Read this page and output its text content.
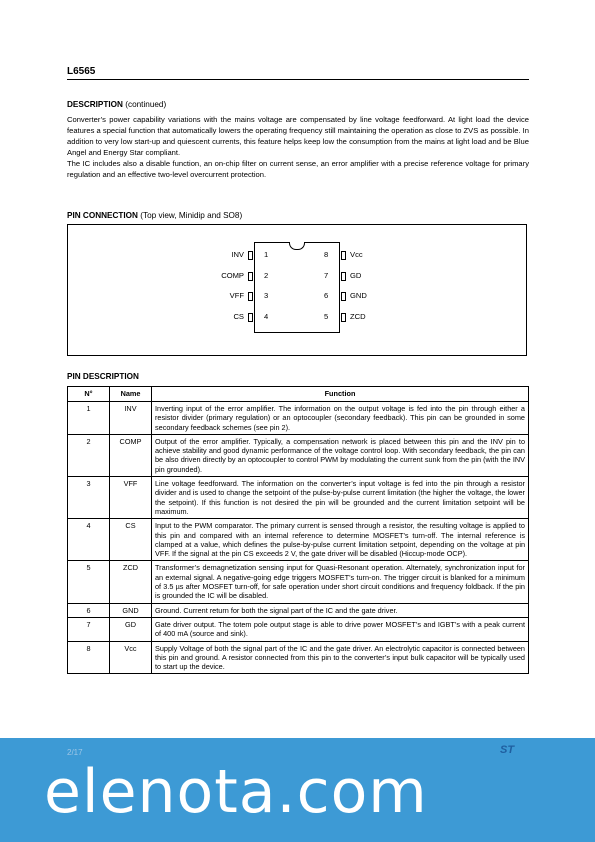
L6565
DESCRIPTION (continued)

Converter’s power capability variations with the mains voltage are compensated by line voltage feedforward. At light load the device features a special function that automatically lowers the operating frequency still maintaining the operation as close to ZVS as possible. In addition to very low start-up and quiescent currents, this feature helps keep low the consumption from the mains at light load and be Blue Angel and Energy Star compliant.

The IC includes also a disable function, an on-chip filter on current sense, an error amplifier with a precise reference voltage for primary regulation and an effective two-level overcurrent protection.

PIN CONNECTION (Top view, Minidip and SO8)
INV	1
COMP	2
VFF	3
CS	4
8	Vcc
7	GD
6	GND
5	ZCD
PIN DESCRIPTION
N°	Name	Function
1	INV	Inverting input of the error amplifier. The information on the output voltage is fed into the pin through either a resistor divider (primary regulation) or an optocoupler (secondary feedback). This pin can be grounded in some secondary feedback schemes (see pin 2).
2	COMP	Output of the error amplifier. Typically, a compensation network is placed between this pin and the INV pin to achieve stability and good dynamic performance of the voltage control loop. With secondary feedback, the pin can be also driven directly by an optocoupler to control PWM by modulating the current sunk from the pin (with the INV pin grounded).
3	VFF	Line voltage feedforward. The information on the converter’s input voltage is fed into the pin through a resistor divider and is used to change the setpoint of the pulse-by-pulse current limitation (the higher the voltage, the lower the setpoint). If this function is not desired the pin will be grounded and the current limitation setpoint will be maximum.
4	CS	Input to the PWM comparator. The primary current is sensed through a resistor, the resulting voltage is applied to this pin and compared with an internal reference to determine MOSFET’s turn-off. The internal reference is clamped at a value, which defines the pulse-by-pulse current limitation setpoint, depending on the voltage at pin VFF. If the signal at the pin CS exceeds 2 V, the gate driver will be disabled (Hiccup-mode OCP).
5	ZCD	Transformer’s demagnetization sensing input for Quasi-Resonant operation. Alternately, synchronization input for an external signal. A negative-going edge triggers MOSFET’s turn-on. The trigger circuit is blanked for a minimum of 3.5 µs after MOSFET turn-off, for safe operation under short circuit conditions and frequency foldback. If the pin is grounded the IC will be disabled.
6	GND	Ground. Current return for both the signal part of the IC and the gate driver.
7	GD	Gate driver output. The totem pole output stage is able to drive power MOSFET’s and IGBT’s with a peak current of 400 mA (source and sink).
8	Vcc	Supply Voltage of both the signal part of the IC and the gate driver. An electrolytic capacitor is connected between this pin and ground. A resistor connected from this pin to the converter’s input bulk capacitor will be typically used to start up the device.
2/17	ST
elenota.com
